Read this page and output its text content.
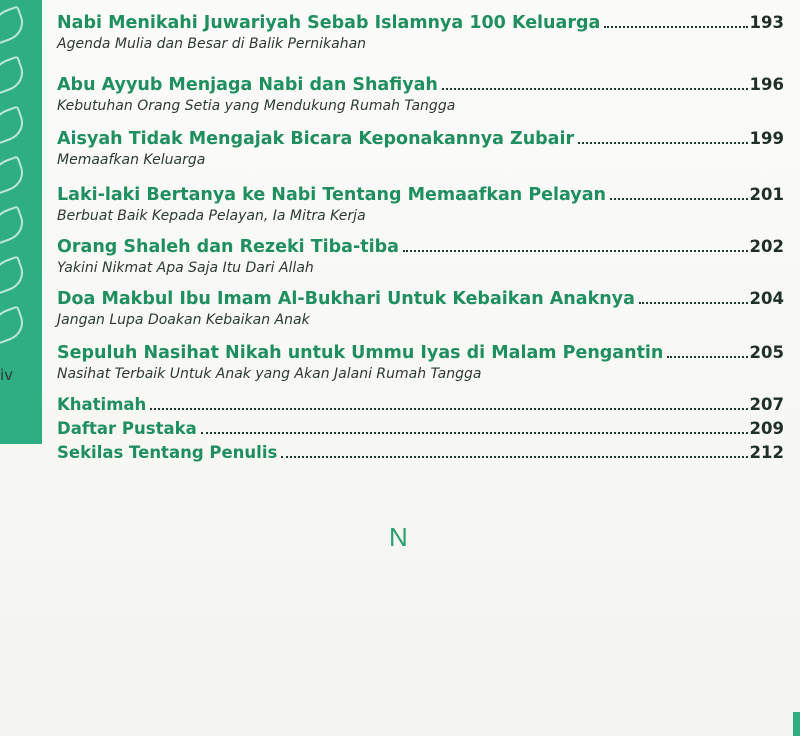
iv
Nabi Menikahi Juwariyah Sebab Islamnya 100 Keluarga	193
Agenda Mulia dan Besar di Balik Pernikahan
Abu Ayyub Menjaga Nabi dan Shafiyah	196
Kebutuhan Orang Setia yang Mendukung Rumah Tangga
Aisyah Tidak Mengajak Bicara Keponakannya Zubair	199
Memaafkan Keluarga
Laki-laki Bertanya ke Nabi Tentang Memaafkan Pelayan	201
Berbuat Baik Kepada Pelayan, Ia Mitra Kerja
Orang Shaleh dan Rezeki Tiba-tiba	202
Yakini Nikmat Apa Saja Itu Dari Allah
Doa Makbul Ibu Imam Al-Bukhari Untuk Kebaikan Anaknya	204
Jangan Lupa Doakan Kebaikan Anak
Sepuluh Nasihat Nikah untuk Ummu Iyas di Malam Pengantin	205
Nasihat Terbaik Untuk Anak yang Akan Jalani Rumah Tangga
Khatimah	207
Daftar Pustaka	209
Sekilas Tentang Penulis	212
N
